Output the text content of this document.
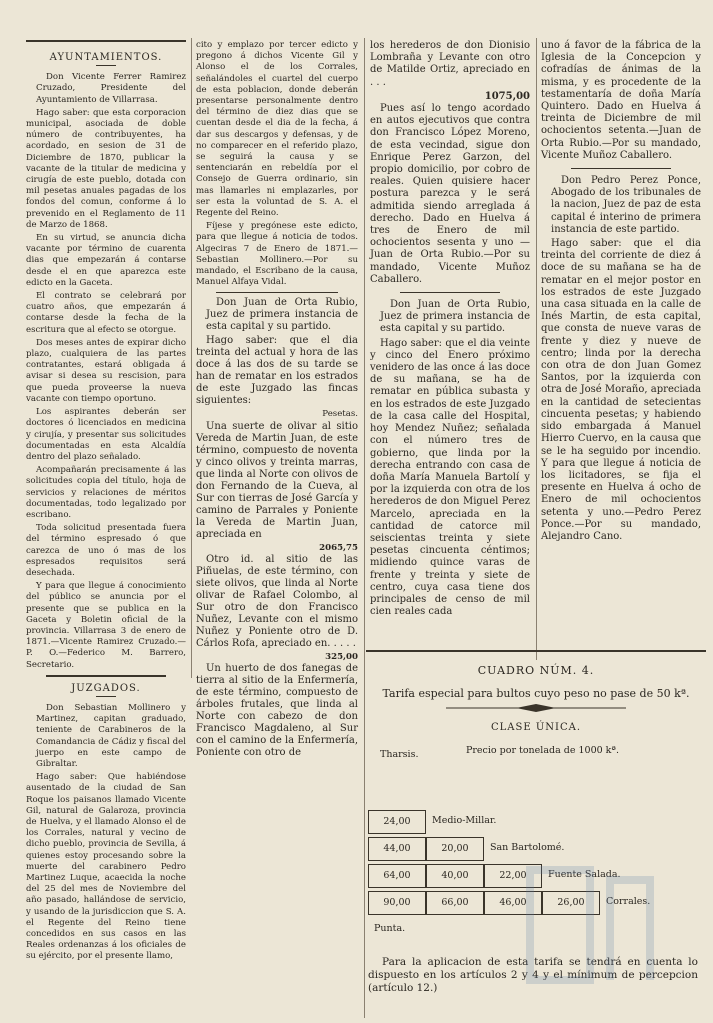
AYUNTAMIENTOS.

Don Vicente Ferrer Ramirez Cruzado, Presidente del Ayuntamiento de Villarrasa.

Hago saber: que esta corporacion municipal, asociada de doble número de contribuyentes, ha acordado, en sesion de 31 de Diciembre de 1870, publicar la vacante de la titular de medicina y cirugía de este pueblo, dotada con mil pesetas anuales pagadas de los fondos del comun, conforme á lo prevenido en el Reglamento de 11 de Marzo de 1868.

En su virtud, se anuncia dicha vacante por término de cuarenta dias que empezarán á contarse desde el en que aparezca este edicto en la Gaceta.

El contrato se celebrará por cuatro años, que empezarán á contarse desde la fecha de la escritura que al efecto se otorgue.

Dos meses antes de expirar dicho plazo, cualquiera de las partes contratantes, estará obligada á avisar si desea su rescision, para que pueda proveerse la nueva vacante con tiempo oportuno.

Los aspirantes deberán ser doctores ó licenciados en medicina y cirujía, y presentar sus solicitudes documentadas en esta Alcaldía dentro del plazo señalado.

Acompañarán precisamente á las solicitudes copia del título, hoja de servicios y relaciones de méritos documentadas, todo legalizado por escribano.

Toda solicitud presentada fuera del término espresado ó que carezca de uno ó mas de los espresados requisitos será desechada.

Y para que llegue á conocimiento del público se anuncia por el presente que se publica en la Gaceta y Boletin oficial de la provincia. Villarrasa 3 de enero de 1871.—Vicente Ramirez Cruzado.—P. O.—Federico M. Barrero, Secretario.

JUZGADOS.

Don Sebastian Mollinero y Martinez, capitan graduado, teniente de Carabineros de la Comandancia de Cádiz y fiscal del juerpo en este campo de Gibraltar.

Hago saber: Que habiéndose ausentado de la ciudad de San Roque los paisanos llamado Vicente Gil, natural de Galaroza, provincia de Huelva, y el llamado Alonso el de los Corrales, natural y vecino de dicho pueblo, provincia de Sevilla, á quienes estoy procesando sobre la muerte del carabinero Pedro Martinez Luque, acaecida la noche del 25 del mes de Noviembre del año pasado, hallándose de servicio, y usando de la jurisdiccion que S. A. el Regente del Reino tiene concedidos en sus casos en las Reales ordenanzas á los oficiales de su ejército, por el presente llamo,

cito y emplazo por tercer edicto y pregono á dichos Vicente Gil y Alonso el de los Corrales, señalándoles el cuartel del cuerpo de esta poblacion, donde deberán presentarse personalmente dentro del término de diez dias que se cuentan desde el dia de la fecha, á dar sus descargos y defensas, y de no comparecer en el referido plazo, se seguirá la causa y se sentenciarán en rebeldía por el Consejo de Guerra ordinario, sin mas llamarles ni emplazarles, por ser esta la voluntad de S. A. el Regente del Reino.

Fíjese y pregónese este edicto, para que llegue á noticia de todos. Algeciras 7 de Enero de 1871.—Sebastian Mollinero.—Por su mandado, el Escribano de la causa, Manuel Alfaya Vidal.

Don Juan de Orta Rubio, Juez de primera instancia de esta capital y su partido.

Hago saber: que el dia treinta del actual y hora de las doce á las dos de su tarde se han de rematar en los estrados de este Juzgado las fincas siguientes:

Pesetas.

Una suerte de olivar al sitio Vereda de Martin Juan, de este término, compuesto de noventa y cinco olivos y treinta marras, que linda al Norte con olivos de don Fernando de la Cueva, al Sur con tierras de José García y camino de Parrales y Poniente la Vereda de Martin Juan, apreciada en

2065,75

Otro id. al sitio de las Piñuelas, de este término, con siete olivos, que linda al Norte olivar de Rafael Colombo, al Sur otro de don Francisco Nuñez, Levante con el mismo Nuñez y Poniente otro de D. Cárlos Rofa, apreciado en. . . . .

325,00

Un huerto de dos fanegas de tierra al sitio de la Enfermería, de este término, compuesto de árboles frutales, que linda al Norte con cabezo de don Francisco Magdaleno, al Sur con el camino de la Enfermería, Poniente con otro de

los herederos de don Dionisio Lombraña y Levante con otro de Matilde Ortiz, apreciado en . . .

1075,00

Pues así lo tengo acordado en autos ejecutivos que contra don Francisco López Moreno, de esta vecindad, sigue don Enrique Perez Garzon, del propio domicilio, por cobro de reales. Quien quisiere hacer postura parezca y le será admitida siendo arreglada á derecho. Dado en Huelva á tres de Enero de mil ochocientos sesenta y uno — Juan de Orta Rubio.—Por su mandado, Vicente Muñoz Caballero.

Don Juan de Orta Rubio, Juez de primera instancia de esta capital y su partido.

Hago saber: que el dia veinte y cinco del Enero próximo venidero de las once á las doce de su mañana, se ha de rematar en pública subasta y en los estrados de este Juzgado de la casa calle del Hospital, hoy Mendez Nuñez; señalada con el número tres de gobierno, que linda por la derecha entrando con casa de doña María Manuela Bartolí y por la izquierda con otra de los herederos de don Miguel Perez Marcelo, apreciada en la cantidad de catorce mil seiscientas treinta y siete pesetas cincuenta céntimos; midiendo quince varas de frente y treinta y siete de centro, cuya casa tiene dos principales de censo de mil cien reales cada

uno á favor de la fábrica de la Iglesia de la Concepcion y cofradías de ánimas de la misma, y es procedente de la testamentaría de doña María Quintero. Dado en Huelva á treinta de Diciembre de mil ochocientos setenta.—Juan de Orta Rubio.—Por su mandado, Vicente Muñoz Caballero.

Don Pedro Perez Ponce, Abogado de los tribunales de la nacion, Juez de paz de esta capital é interino de primera instancia de este partido.

Hago saber: que el dia treinta del corriente de diez á doce de su mañana se ha de rematar en el mejor postor en los estrados de este Juzgado una casa situada en la calle de Inés Martin, de esta capital, que consta de nueve varas de frente y diez y nueve de centro; linda por la derecha con otra de don Juan Gomez Santos, por la izquierda con otra de José Moraño, apreciada en la cantidad de setecientas cincuenta pesetas; y habiendo sido embargada á Manuel Hierro Cuervo, en la causa que se le ha seguido por incendio. Y para que llegue á noticia de los licitadores, se fija el presente en Huelva á ocho de Enero de mil ochocientos setenta y uno.—Pedro Perez Ponce.—Por su mandado, Alejandro Cano.

CUADRO NÚM. 4.
Tarifa especial para bultos cuyo peso no pase de 50 kª.
CLASE ÚNICA.
Tharsis.	Precio por tonelada de 1000 kª.
24,00	Medio-Millar.
44,00	20,00	San Bartolomé.
64,00	40,00	22,00	Fuente Salada.
90,00	66,00	46,00	26,00	Corrales.
Punta.
Para la aplicacion de esta tarifa se tendrá en cuenta lo dispuesto en los artículos 2 y 4 y el mínimum de percepcion (artículo 12.)
